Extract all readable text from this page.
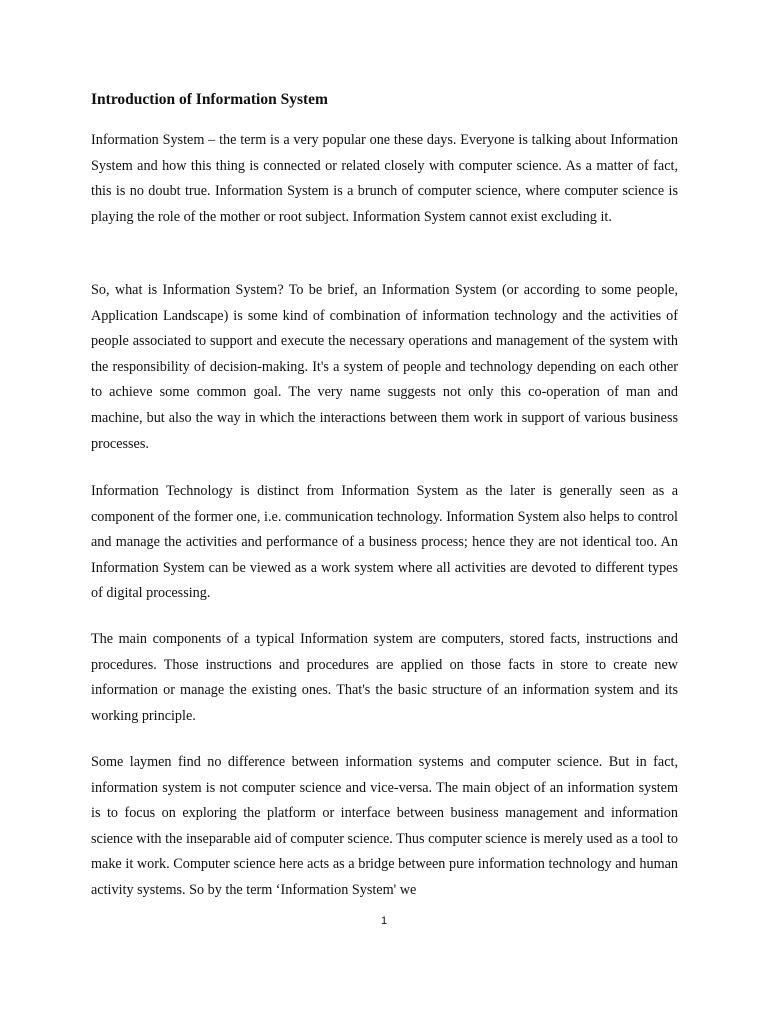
Introduction of Information System

Information System – the term is a very popular one these days. Everyone is talking about Information System and how this thing is connected or related closely with computer science. As a matter of fact, this is no doubt true. Information System is a brunch of computer science, where computer science is playing the role of the mother or root subject. Information System cannot exist excluding it.

So, what is Information System? To be brief, an Information System (or according to some people, Application Landscape) is some kind of combination of information technology and the activities of people associated to support and execute the necessary operations and management of the system with the responsibility of decision-making. It's a system of people and technology depending on each other to achieve some common goal. The very name suggests not only this co-operation of man and machine, but also the way in which the interactions between them work in support of various business processes.

Information Technology is distinct from Information System as the later is generally seen as a component of the former one, i.e. communication technology. Information System also helps to control and manage the activities and performance of a business process; hence they are not identical too. An Information System can be viewed as a work system where all activities are devoted to different types of digital processing.

The main components of a typical Information system are computers, stored facts, instructions and procedures. Those instructions and procedures are applied on those facts in store to create new information or manage the existing ones. That's the basic structure of an information system and its working principle.

Some laymen find no difference between information systems and computer science. But in fact, information system is not computer science and vice-versa. The main object of an information system is to focus on exploring the platform or interface between business management and information science with the inseparable aid of computer science. Thus computer science is merely used as a tool to make it work. Computer science here acts as a bridge between pure information technology and human activity systems. So by the term ‘Information System' we

1
